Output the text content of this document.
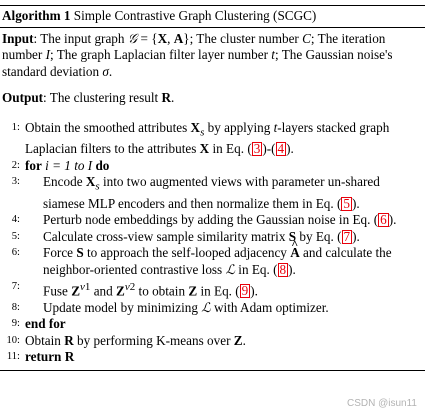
Algorithm 1 Simple Contrastive Graph Clustering (SCGC)

Input: The input graph 𝒢 = {X, A}; The cluster number C; The iteration number I; The graph Laplacian filter layer number t; The Gaussian noise's standard deviation σ.

Output: The clustering result R.

1: Obtain the smoothed attributes $X_s$ by applying t-layers stacked graph Laplacian filters to the attributes X in Eq. ( 3 )-( 4 ).
2: for i = 1 to I do
3: Encode $X_s$ into two augmented views with parameter un-shared siamese MLP encoders and then normalize them in Eq. ( 5 ).
4: Perturb node embeddings by adding the Gaussian noise in Eq. ( 6 ).
5: Calculate cross-view sample similarity matrix S by Eq. ( 7 ).
6: Force S to approach the self-looped adjacency ^ A and calculate the neighbor-oriented contrastive loss ℒ in Eq. ( 8 ).
7: Fuse $Z^{v1}$ and $Z^{v2}$ to obtain Z in Eq. ( 9 ).
8: Update model by minimizing ℒ with Adam optimizer.
9: end for
10: Obtain R by performing K-means over Z.
11: return R
CSDN @isun11
